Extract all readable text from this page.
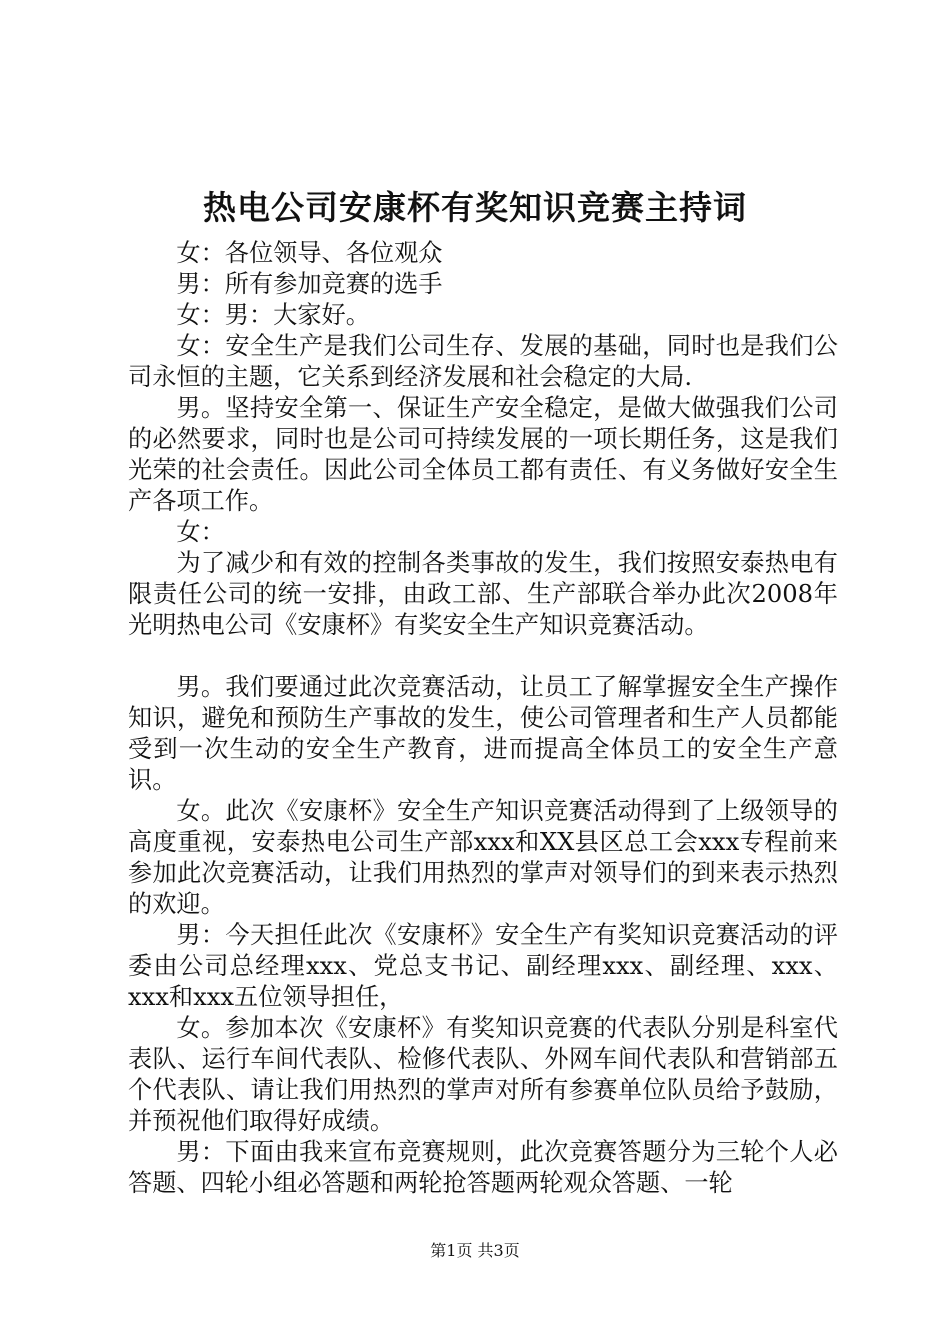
热电公司安康杯有奖知识竞赛主持词

女：各位领导、各位观众

男：所有参加竞赛的选手

女：男：大家好。

女：安全生产是我们公司生存、发展的基础，同时也是我们公司永恒的主题，它关系到经济发展和社会稳定的大局.

男。坚持安全第一、保证生产安全稳定，是做大做强我们公司的必然要求，同时也是公司可持续发展的一项长期任务，这是我们光荣的社会责任。因此公司全体员工都有责任、有义务做好安全生产各项工作。

女：

为了减少和有效的控制各类事故的发生，我们按照安泰热电有限责任公司的统一安排，由政工部、生产部联合举办此次2008年光明热电公司《安康杯》有奖安全生产知识竞赛活动。

男。我们要通过此次竞赛活动，让员工了解掌握安全生产操作知识，避免和预防生产事故的发生，使公司管理者和生产人员都能受到一次生动的安全生产教育，进而提高全体员工的安全生产意识。

女。此次《安康杯》安全生产知识竞赛活动得到了上级领导的高度重视，安泰热电公司生产部xxx和XX县区总工会xxx专程前来参加此次竞赛活动，让我们用热烈的掌声对领导们的到来表示热烈的欢迎。

男：今天担任此次《安康杯》安全生产有奖知识竞赛活动的评委由公司总经理xxx、党总支书记、副经理xxx、副经理、xxx、xxx和xxx五位领导担任，

女。参加本次《安康杯》有奖知识竞赛的代表队分别是科室代表队、运行车间代表队、检修代表队、外网车间代表队和营销部五个代表队、请让我们用热烈的掌声对所有参赛单位队员给予鼓励，并预祝他们取得好成绩。

男：下面由我来宣布竞赛规则，此次竞赛答题分为三轮个人必答题、四轮小组必答题和两轮抢答题两轮观众答题、一轮

第1页 共3页
